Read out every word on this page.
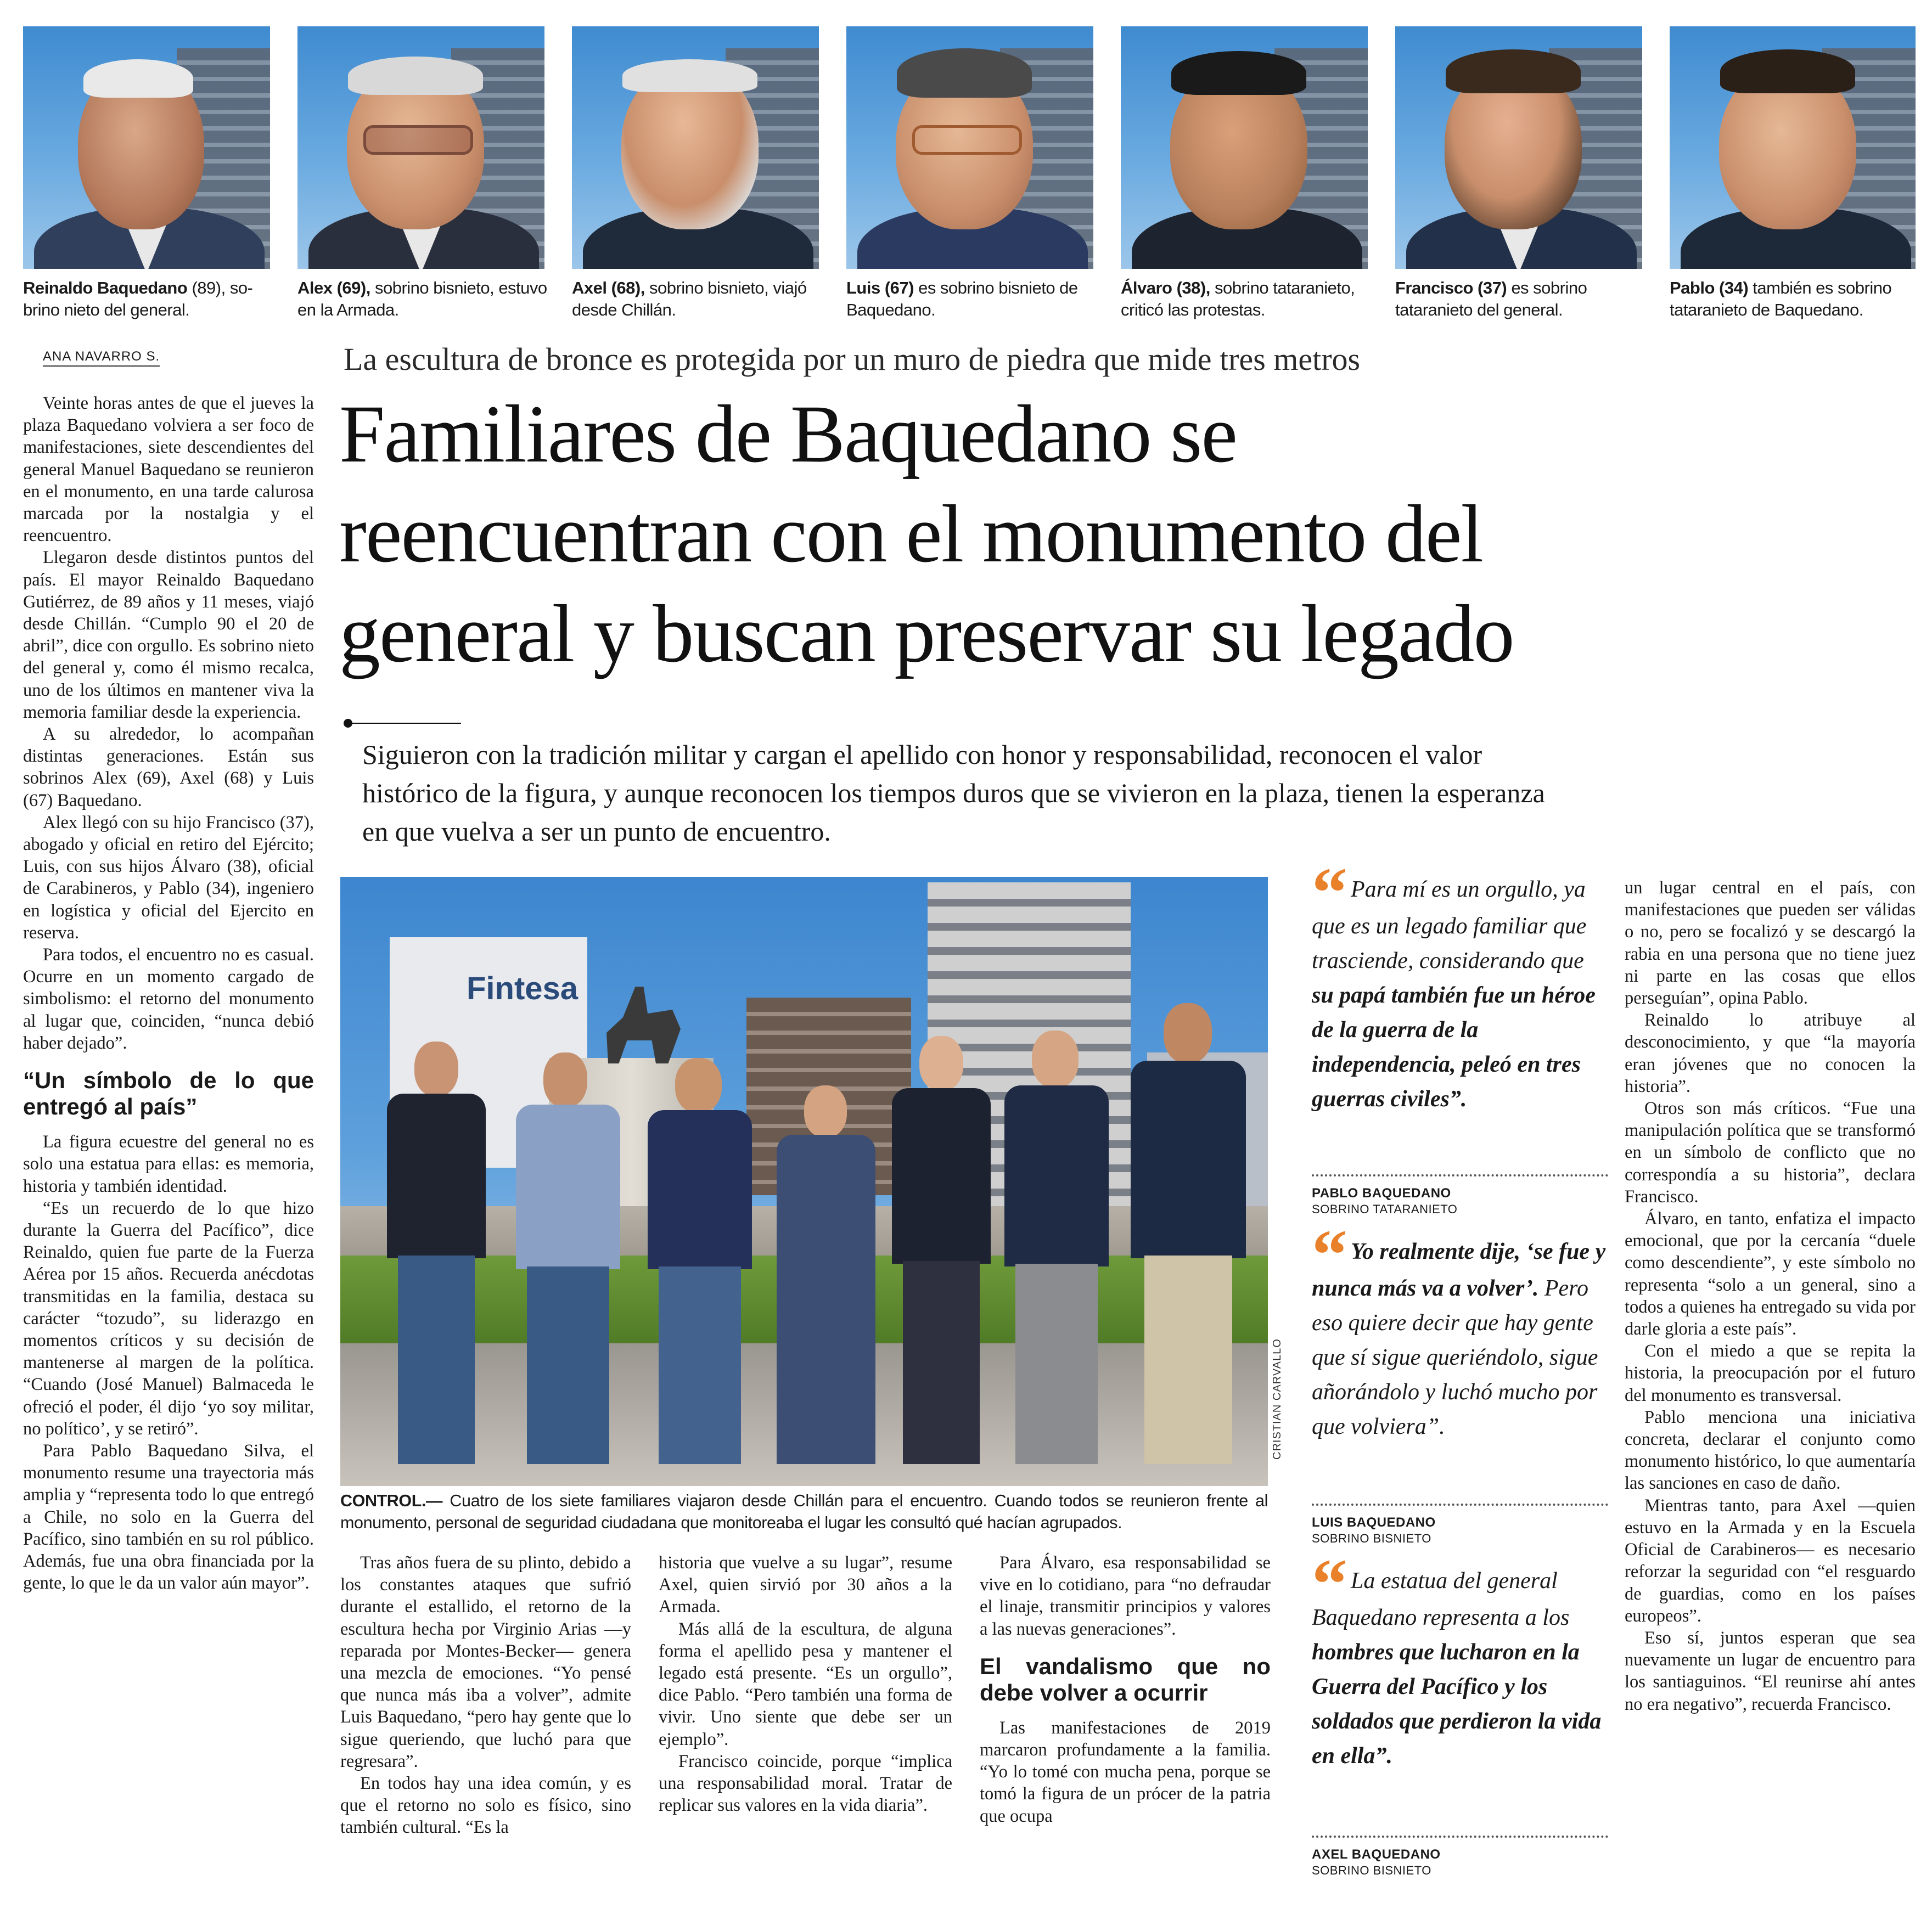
Reinaldo Baquedano (89), so-
brino nieto del general.
Alex (69), sobrino bisnieto, estuvo en la Armada.
Axel (68), sobrino bisnieto, viajó desde Chillán.
Luis (67) es sobrino bisnieto de Baquedano.
Álvaro (38), sobrino tataranieto, criticó las protestas.
Francisco (37) es sobrino tataranieto del general.
Pablo (34) también es sobrino tataranieto de Baquedano.
ANA NAVARRO S.	La escultura de bronce es protegida por un muro de piedra que mide tres metros
Familiares de Baquedano se
reencuentran con el monumento del
general y buscan preservar su legado
Siguieron con la tradición militar y cargan el apellido con honor y responsabilidad, reconocen el valor
histórico de la figura, y aunque reconocen los tiempos duros que se vivieron en la plaza, tienen la esperanza
en que vuelva a ser un punto de encuentro.

Veinte horas antes de que el jueves la plaza Baquedano volviera a ser foco de manifestaciones, siete descendientes del general Manuel Baquedano se reunieron en el monumento, en una tarde calurosa marcada por la nostalgia y el reencuentro.

Llegaron desde distintos puntos del país. El mayor Reinaldo Baquedano Gutiérrez, de 89 años y 11 meses, viajó desde Chillán. “Cumplo 90 el 20 de abril”, dice con orgullo. Es sobrino nieto del general y, como él mismo recalca, uno de los últimos en mantener viva la memoria familiar desde la experiencia.

A su alrededor, lo acompañan distintas generaciones. Están sus sobrinos Alex (69), Axel (68) y Luis (67) Baquedano.

Alex llegó con su hijo Francisco (37), abogado y oficial en retiro del Ejército; Luis, con sus hijos Álvaro (38), oficial de Carabineros, y Pablo (34), ingeniero en logística y oficial del Ejercito en reserva.

Para todos, el encuentro no es casual. Ocurre en un momento cargado de simbolismo: el retorno del monumento al lugar que, coinciden, “nunca debió haber dejado”.

“Un símbolo de lo que entregó al país”

La figura ecuestre del general no es solo una estatua para ellas: es memoria, historia y también identidad.

“Es un recuerdo de lo que hizo durante la Guerra del Pacífico”, dice Reinaldo, quien fue parte de la Fuerza Aérea por 15 años. Recuerda anécdotas transmitidas en la familia, destaca su carácter “tozudo”, su liderazgo en momentos críticos y su decisión de mantenerse al margen de la política. “Cuando (José Manuel) Balmaceda le ofreció el poder, él dijo ‘yo soy militar, no político’, y se retiró”.

Para Pablo Baquedano Silva, el monumento resume una trayectoria más amplia y “representa todo lo que entregó a Chile, no solo en la Guerra del Pacífico, sino también en su rol público. Además, fue una obra financiada por la gente, lo que le da un valor aún mayor”.

Fintesa
CRISTIAN CARVALLO
CONTROL.— Cuatro de los siete familiares viajaron desde Chillán para el encuentro. Cuando todos se reunieron frente al monumento, personal de seguridad ciudadana que monitoreaba el lugar les consultó qué hacían agrupados.

Tras años fuera de su plinto, debido a los constantes ataques que sufrió durante el estallido, el retorno de la escultura hecha por Virginio Arias —y reparada por Montes-Becker— genera una mezcla de emociones. “Yo pensé que nunca más iba a volver”, admite Luis Baquedano, “pero hay gente que lo sigue queriendo, que luchó para que regresara”.

En todos hay una idea común, y es que el retorno no solo es físico, sino también cultural. “Es la

historia que vuelve a su lugar”, resume Axel, quien sirvió por 30 años a la Armada.

Más allá de la escultura, de alguna forma el apellido pesa y mantener el legado está presente. “Es un orgullo”, dice Pablo. “Pero también una forma de vivir. Uno siente que debe ser un ejemplo”.

Francisco coincide, porque “implica una responsabilidad moral. Tratar de replicar sus valores en la vida diaria”.

Para Álvaro, esa responsabilidad se vive en lo cotidiano, para “no defraudar el linaje, transmitir principios y valores a las nuevas generaciones”.

El vandalismo que no debe volver a ocurrir

Las manifestaciones de 2019 marcaron profundamente a la familia. “Yo lo tomé con mucha pena, porque se tomó la figura de un prócer de la patria que ocupa

“ Para mí es un orgullo, ya que es un legado familiar que trasciende, considerando que su papá también fue un héroe de la guerra de la independencia, peleó en tres guerras civiles”.
PABLO BAQUEDANO
SOBRINO TATARANIETO
“ Yo realmente dije, ‘se fue y nunca más va a volver’. Pero eso quiere decir que hay gente que sí sigue queriéndolo, sigue añorándolo y luchó mucho por que volviera”.
LUIS BAQUEDANO
SOBRINO BISNIETO
“ La estatua del general Baquedano representa a los hombres que lucharon en la Guerra del Pacífico y los soldados que perdieron la vida en ella”.
AXEL BAQUEDANO
SOBRINO BISNIETO

un lugar central en el país, con manifestaciones que pueden ser válidas o no, pero se focalizó y se descargó la rabia en una persona que no tiene juez ni parte en las cosas que ellos perseguían”, opina Pablo.

Reinaldo lo atribuye al desconocimiento, y que “la mayoría eran jóvenes que no conocen la historia”.

Otros son más críticos. “Fue una manipulación política que se transformó en un símbolo de conflicto que no correspondía a su historia”, declara Francisco.

Álvaro, en tanto, enfatiza el impacto emocional, que por la cercanía “duele como descendiente”, y este símbolo no representa “solo a un general, sino a todos a quienes ha entregado su vida por darle gloria a este país”.

Con el miedo a que se repita la historia, la preocupación por el futuro del monumento es transversal.

Pablo menciona una iniciativa concreta, declarar el conjunto como monumento histórico, lo que aumentaría las sanciones en caso de daño.

Mientras tanto, para Axel —quien estuvo en la Armada y en la Escuela Oficial de Carabineros— es necesario reforzar la seguridad con “el resguardo de guardias, como en los países europeos”.

Eso sí, juntos esperan que sea nuevamente un lugar de encuentro para los santiaguinos. “El reunirse ahí antes no era negativo”, recuerda Francisco.
